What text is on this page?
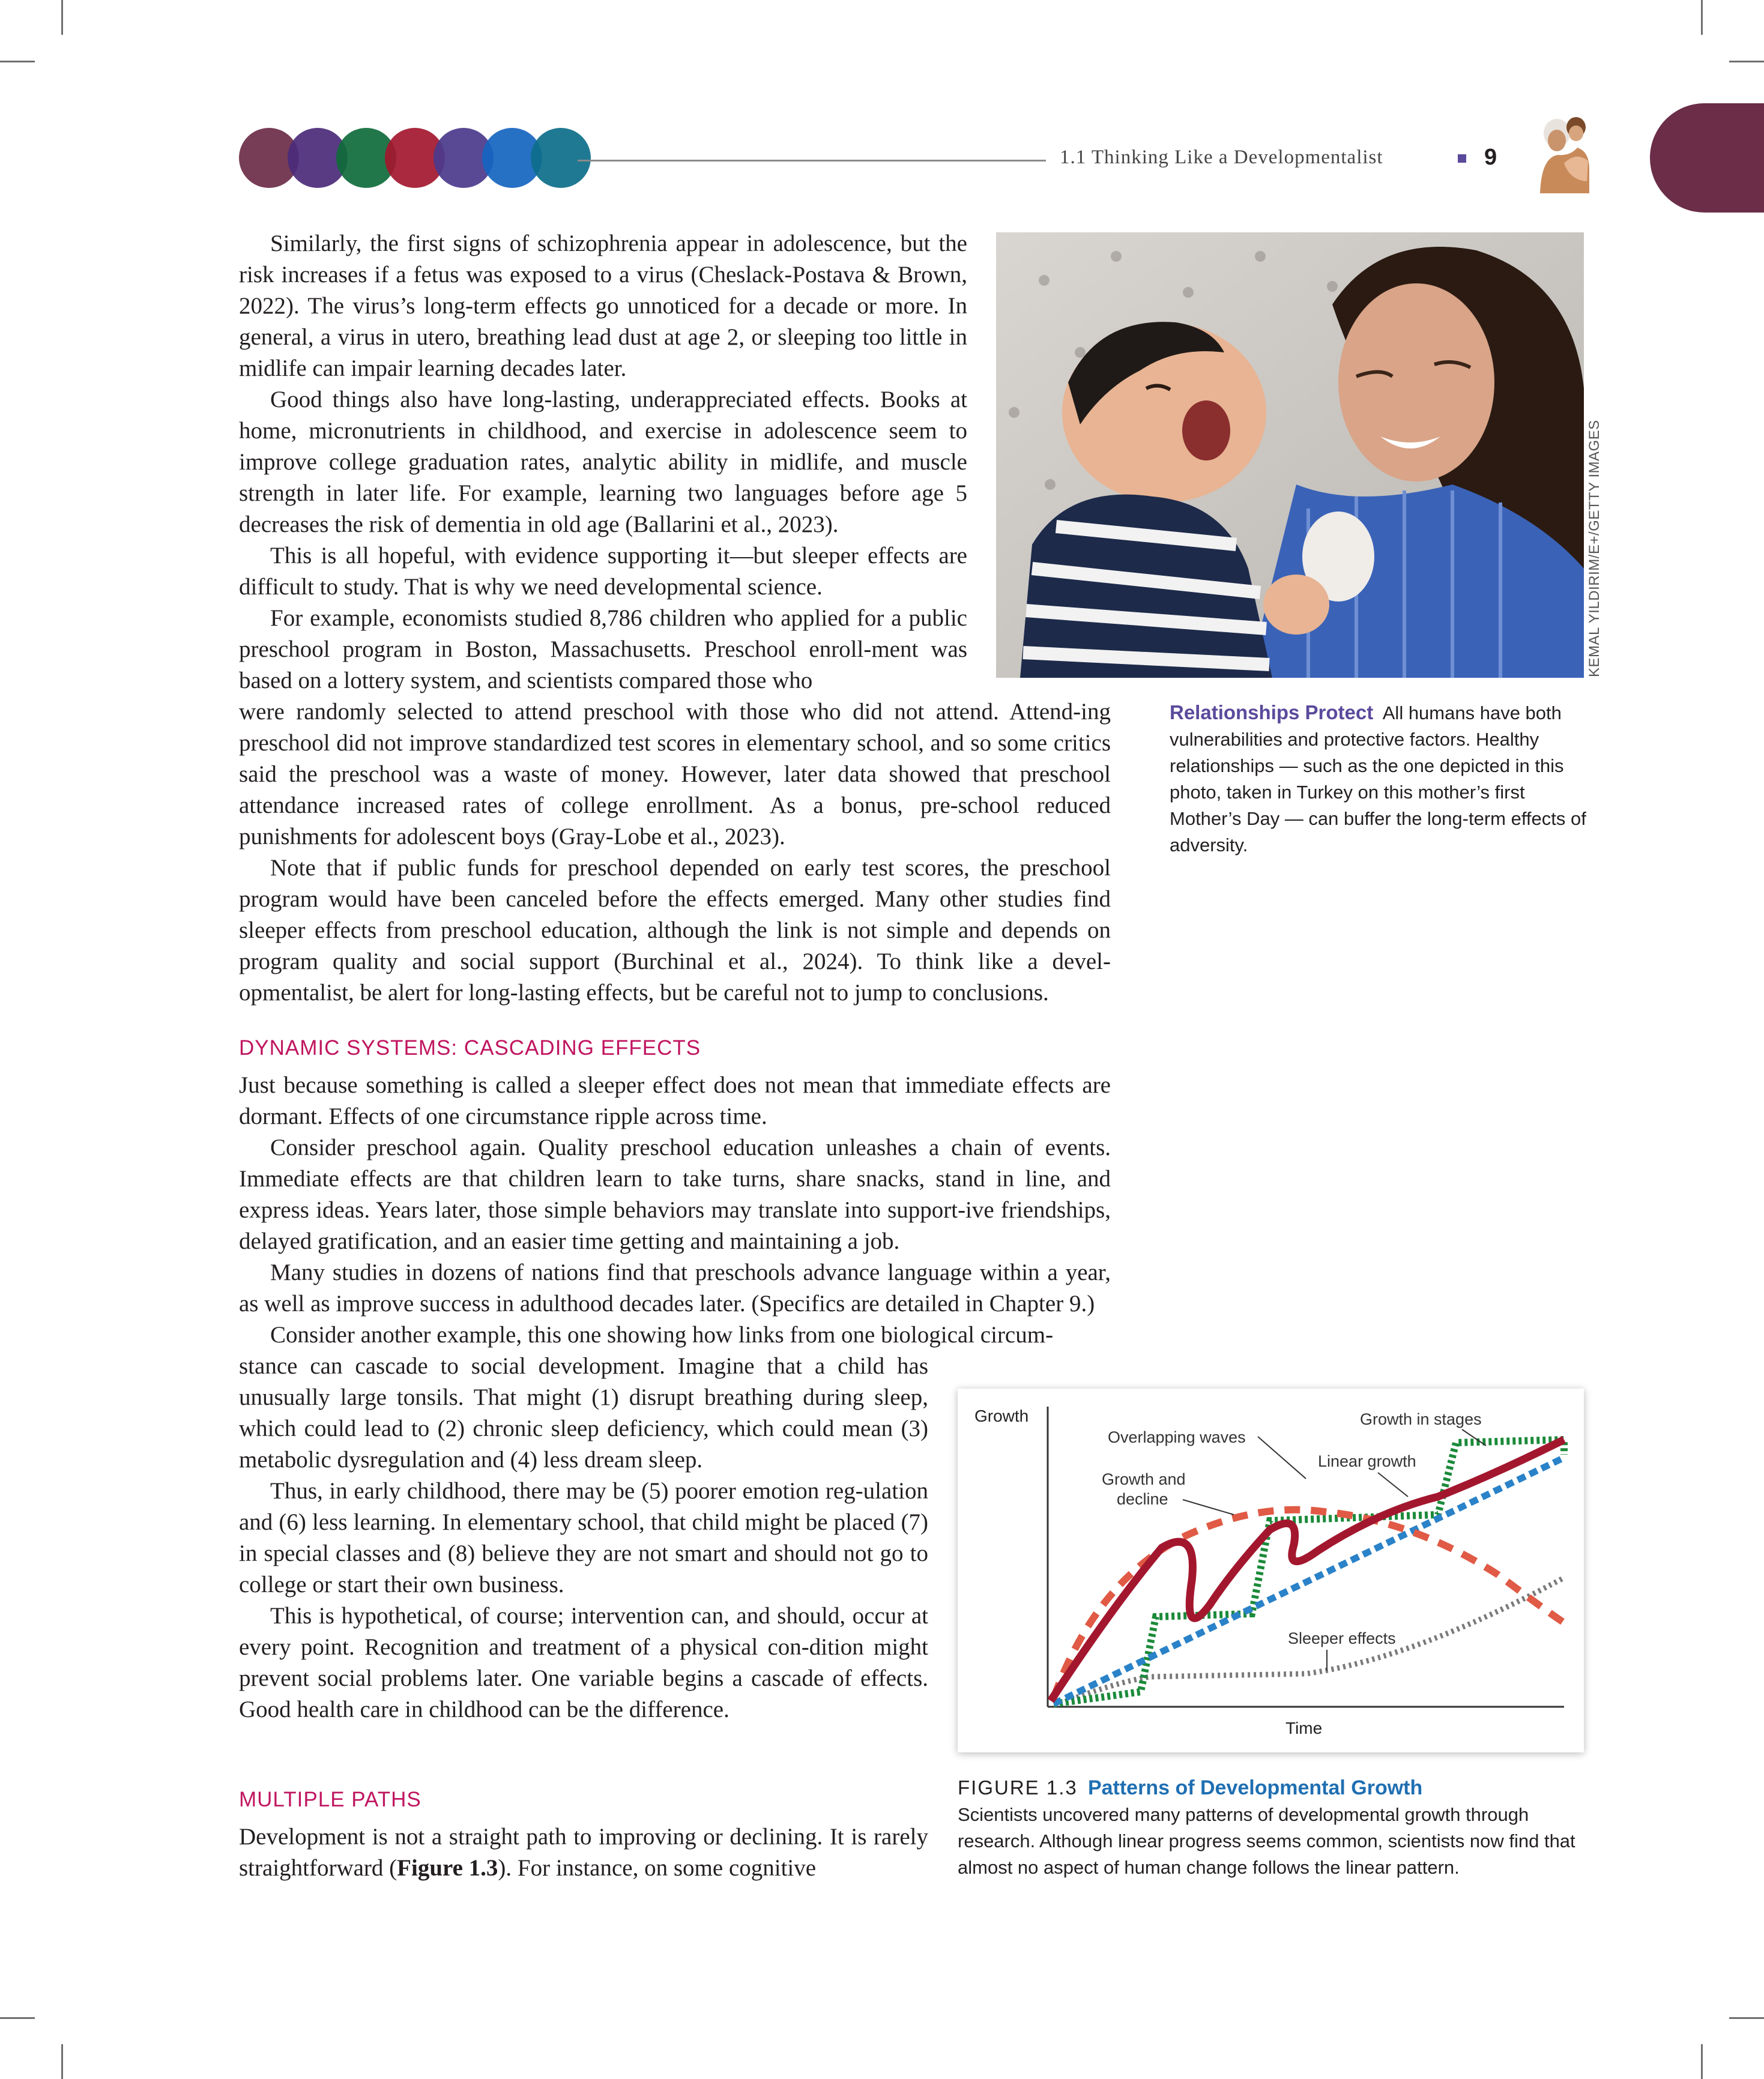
1.1 Thinking Like a Developmentalist	9
KEMAL YILDIRIM/E+/GETTY IMAGES
Relationships Protect All humans have both vulnerabilities and protective factors. Healthy relationships — such as the one depicted in this photo, taken in Turkey on this mother’s first Mother’s Day — can buffer the long-term effects of adversity.

Similarly, the first signs of schizophrenia appear in adolescence, but the risk increases if a fetus was exposed to a virus (Cheslack-Postava & Brown, 2022). The virus’s long-term effects go unnoticed for a decade or more. In general, a virus in utero, breathing lead dust at age 2, or sleeping too little in midlife can impair learning decades later.

Good things also have long-lasting, underappreciated effects. Books at home, micronutrients in childhood, and exercise in adolescence seem to improve college graduation rates, analytic ability in midlife, and muscle strength in later life. For example, learning two languages before age 5 decreases the risk of dementia in old age (Ballarini et al., 2023).

This is all hopeful, with evidence supporting it—but sleeper effects are difficult to study. That is why we need developmental science.

For example, economists studied 8,786 children who applied for a public preschool program in Boston, Massachusetts. Preschool enroll-ment was based on a lottery system, and scientists compared those who

were randomly selected to attend preschool with those who did not attend. Attend-ing preschool did not improve standardized test scores in elementary school, and so some critics said the preschool was a waste of money. However, later data showed that preschool attendance increased rates of college enrollment. As a bonus, pre-school reduced punishments for adolescent boys (Gray-Lobe et al., 2023).

Note that if public funds for preschool depended on early test scores, the preschool program would have been canceled before the effects emerged. Many other studies find sleeper effects from preschool education, although the link is not simple and depends on program quality and social support (Burchinal et al., 2024). To think like a devel-opmentalist, be alert for long-lasting effects, but be careful not to jump to conclusions.

DYNAMIC SYSTEMS: CASCADING EFFECTS

Just because something is called a sleeper effect does not mean that immediate effects are dormant. Effects of one circumstance ripple across time.

Consider preschool again. Quality preschool education unleashes a chain of events. Immediate effects are that children learn to take turns, share snacks, stand in line, and express ideas. Years later, those simple behaviors may translate into support-ive friendships, delayed gratification, and an easier time getting and maintaining a job.

Many studies in dozens of nations find that preschools advance language within a year, as well as improve success in adulthood decades later. (Specifics are detailed in Chapter 9.)

Consider another example, this one showing how links from one biological circum-

stance can cascade to social development. Imagine that a child has unusually large tonsils. That might (1) disrupt breathing during sleep, which could lead to (2) chronic sleep deficiency, which could mean (3) metabolic dysregulation and (4) less dream sleep.

Thus, in early childhood, there may be (5) poorer emotion reg-ulation and (6) less learning. In elementary school, that child might be placed (7) in special classes and (8) believe they are not smart and should not go to college or start their own business.

This is hypothetical, of course; intervention can, and should, occur at every point. Recognition and treatment of a physical con-dition might prevent social problems later. One variable begins a cascade of effects. Good health care in childhood can be the difference.

MULTIPLE PATHS

Development is not a straight path to improving or declining. It is rarely straightforward (Figure 1.3). For instance, on some cognitive

Growth
Time
Overlapping waves
Growth and
decline
Linear growth
Growth in stages
Sleeper effects
FIGURE 1.3 Patterns of Developmental Growth
Scientists uncovered many patterns of developmental growth through research. Although linear progress seems common, scientists now find that almost no aspect of human change follows the linear pattern.
